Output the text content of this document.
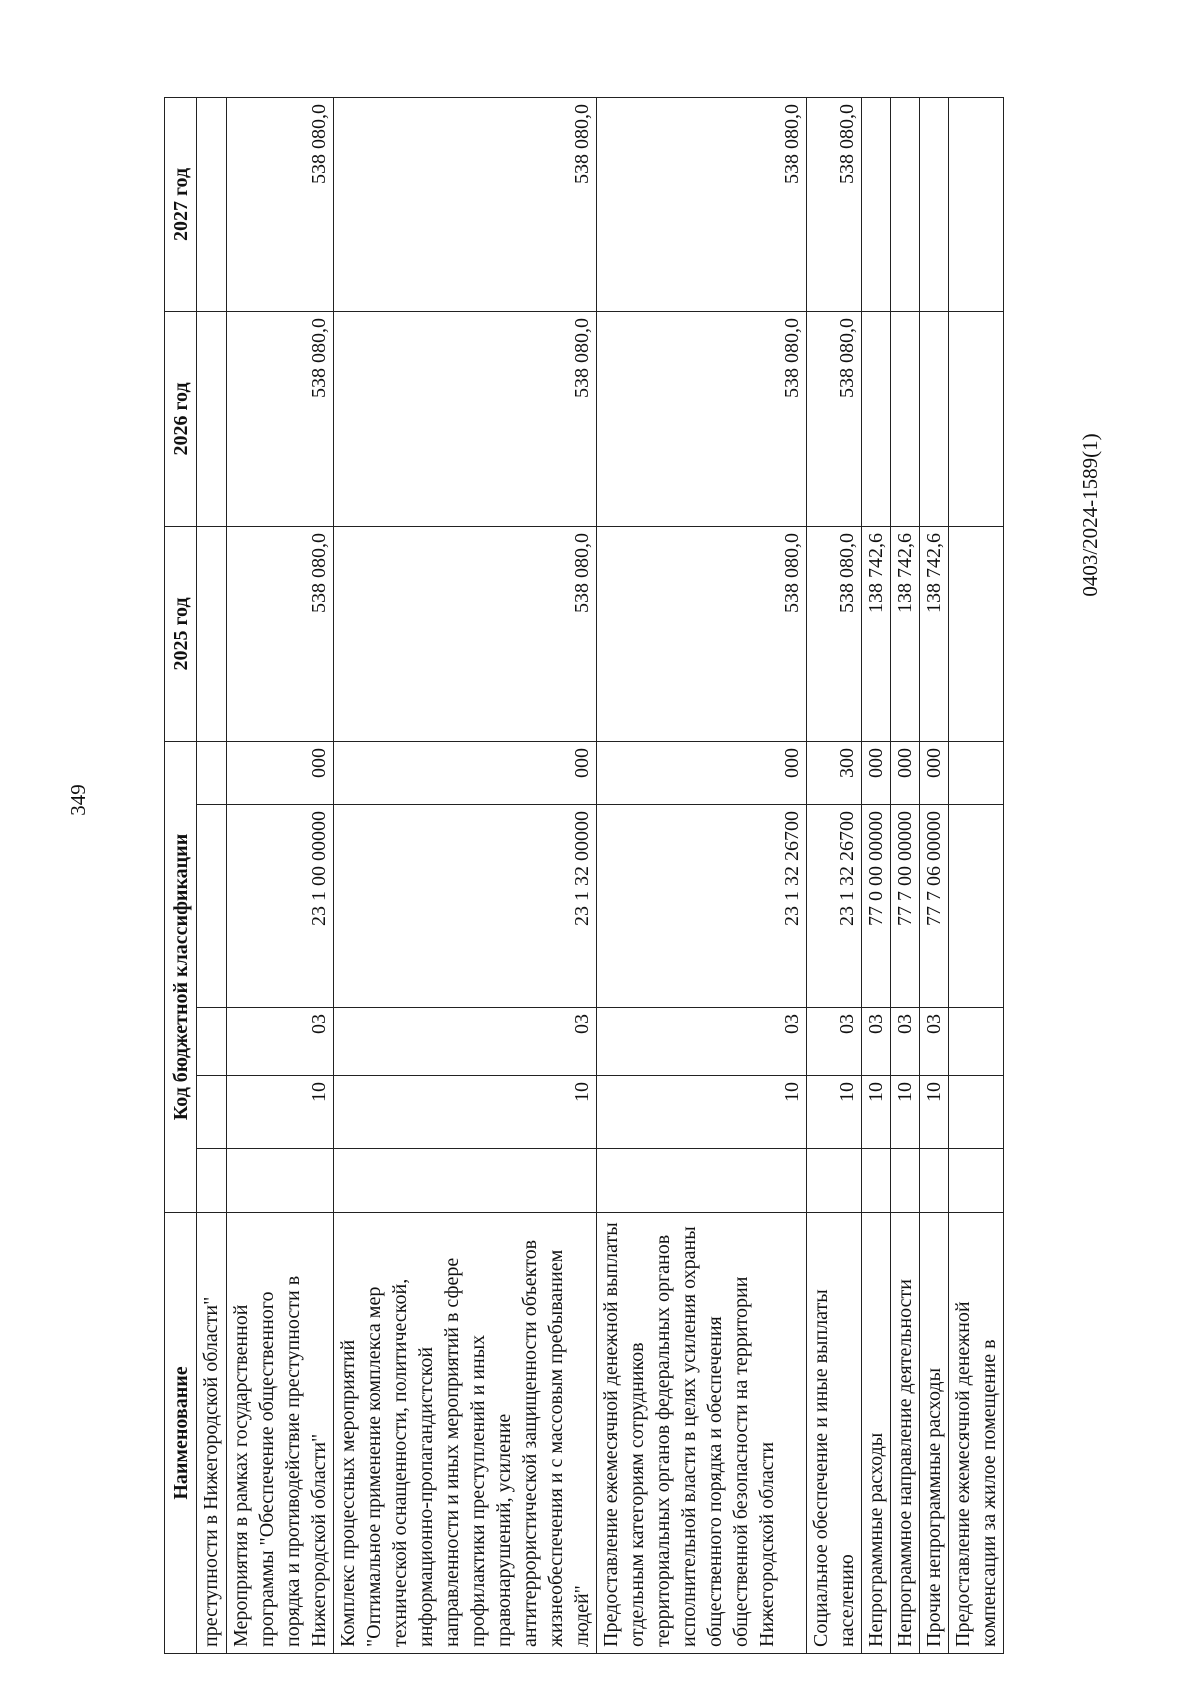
349
0403/2024-1589(1)
Наименование	Код бюджетной классификации					2025 год	2026 год	2027 год
преступности в Нижегородской области"								
Мероприятия в рамках государственной программы "Обеспечение общественного порядка и противодействие преступности в Нижегородской области"		10	03	23 1 00 00000	000	538 080,0	538 080,0	538 080,0
Комплекс процессных мероприятий "Оптимальное применение комплекса мер технической оснащенности, политической, информационно-пропагандистской направленности и иных мероприятий в сфере профилактики преступлений и иных правонарушений, усиление антитеррористической защищенности объектов жизнеобеспечения и с массовым пребыванием людей"		10	03	23 1 32 00000	000	538 080,0	538 080,0	538 080,0
Предоставление ежемесячной денежной выплаты отдельным категориям сотрудников территориальных органов федеральных органов исполнительной власти в целях усиления охраны общественного порядка и обеспечения общественной безопасности на территории Нижегородской области		10	03	23 1 32 26700	000	538 080,0	538 080,0	538 080,0
Социальное обеспечение и иные выплаты населению		10	03	23 1 32 26700	300	538 080,0	538 080,0	538 080,0
Непрограммные расходы		10	03	77 0 00 00000	000	138 742,6		
Непрограммное направление деятельности		10	03	77 7 00 00000	000	138 742,6		
Прочие непрограммные расходы		10	03	77 7 06 00000	000	138 742,6		
Предоставление ежемесячной денежной компенсации за жилое помещение в								
